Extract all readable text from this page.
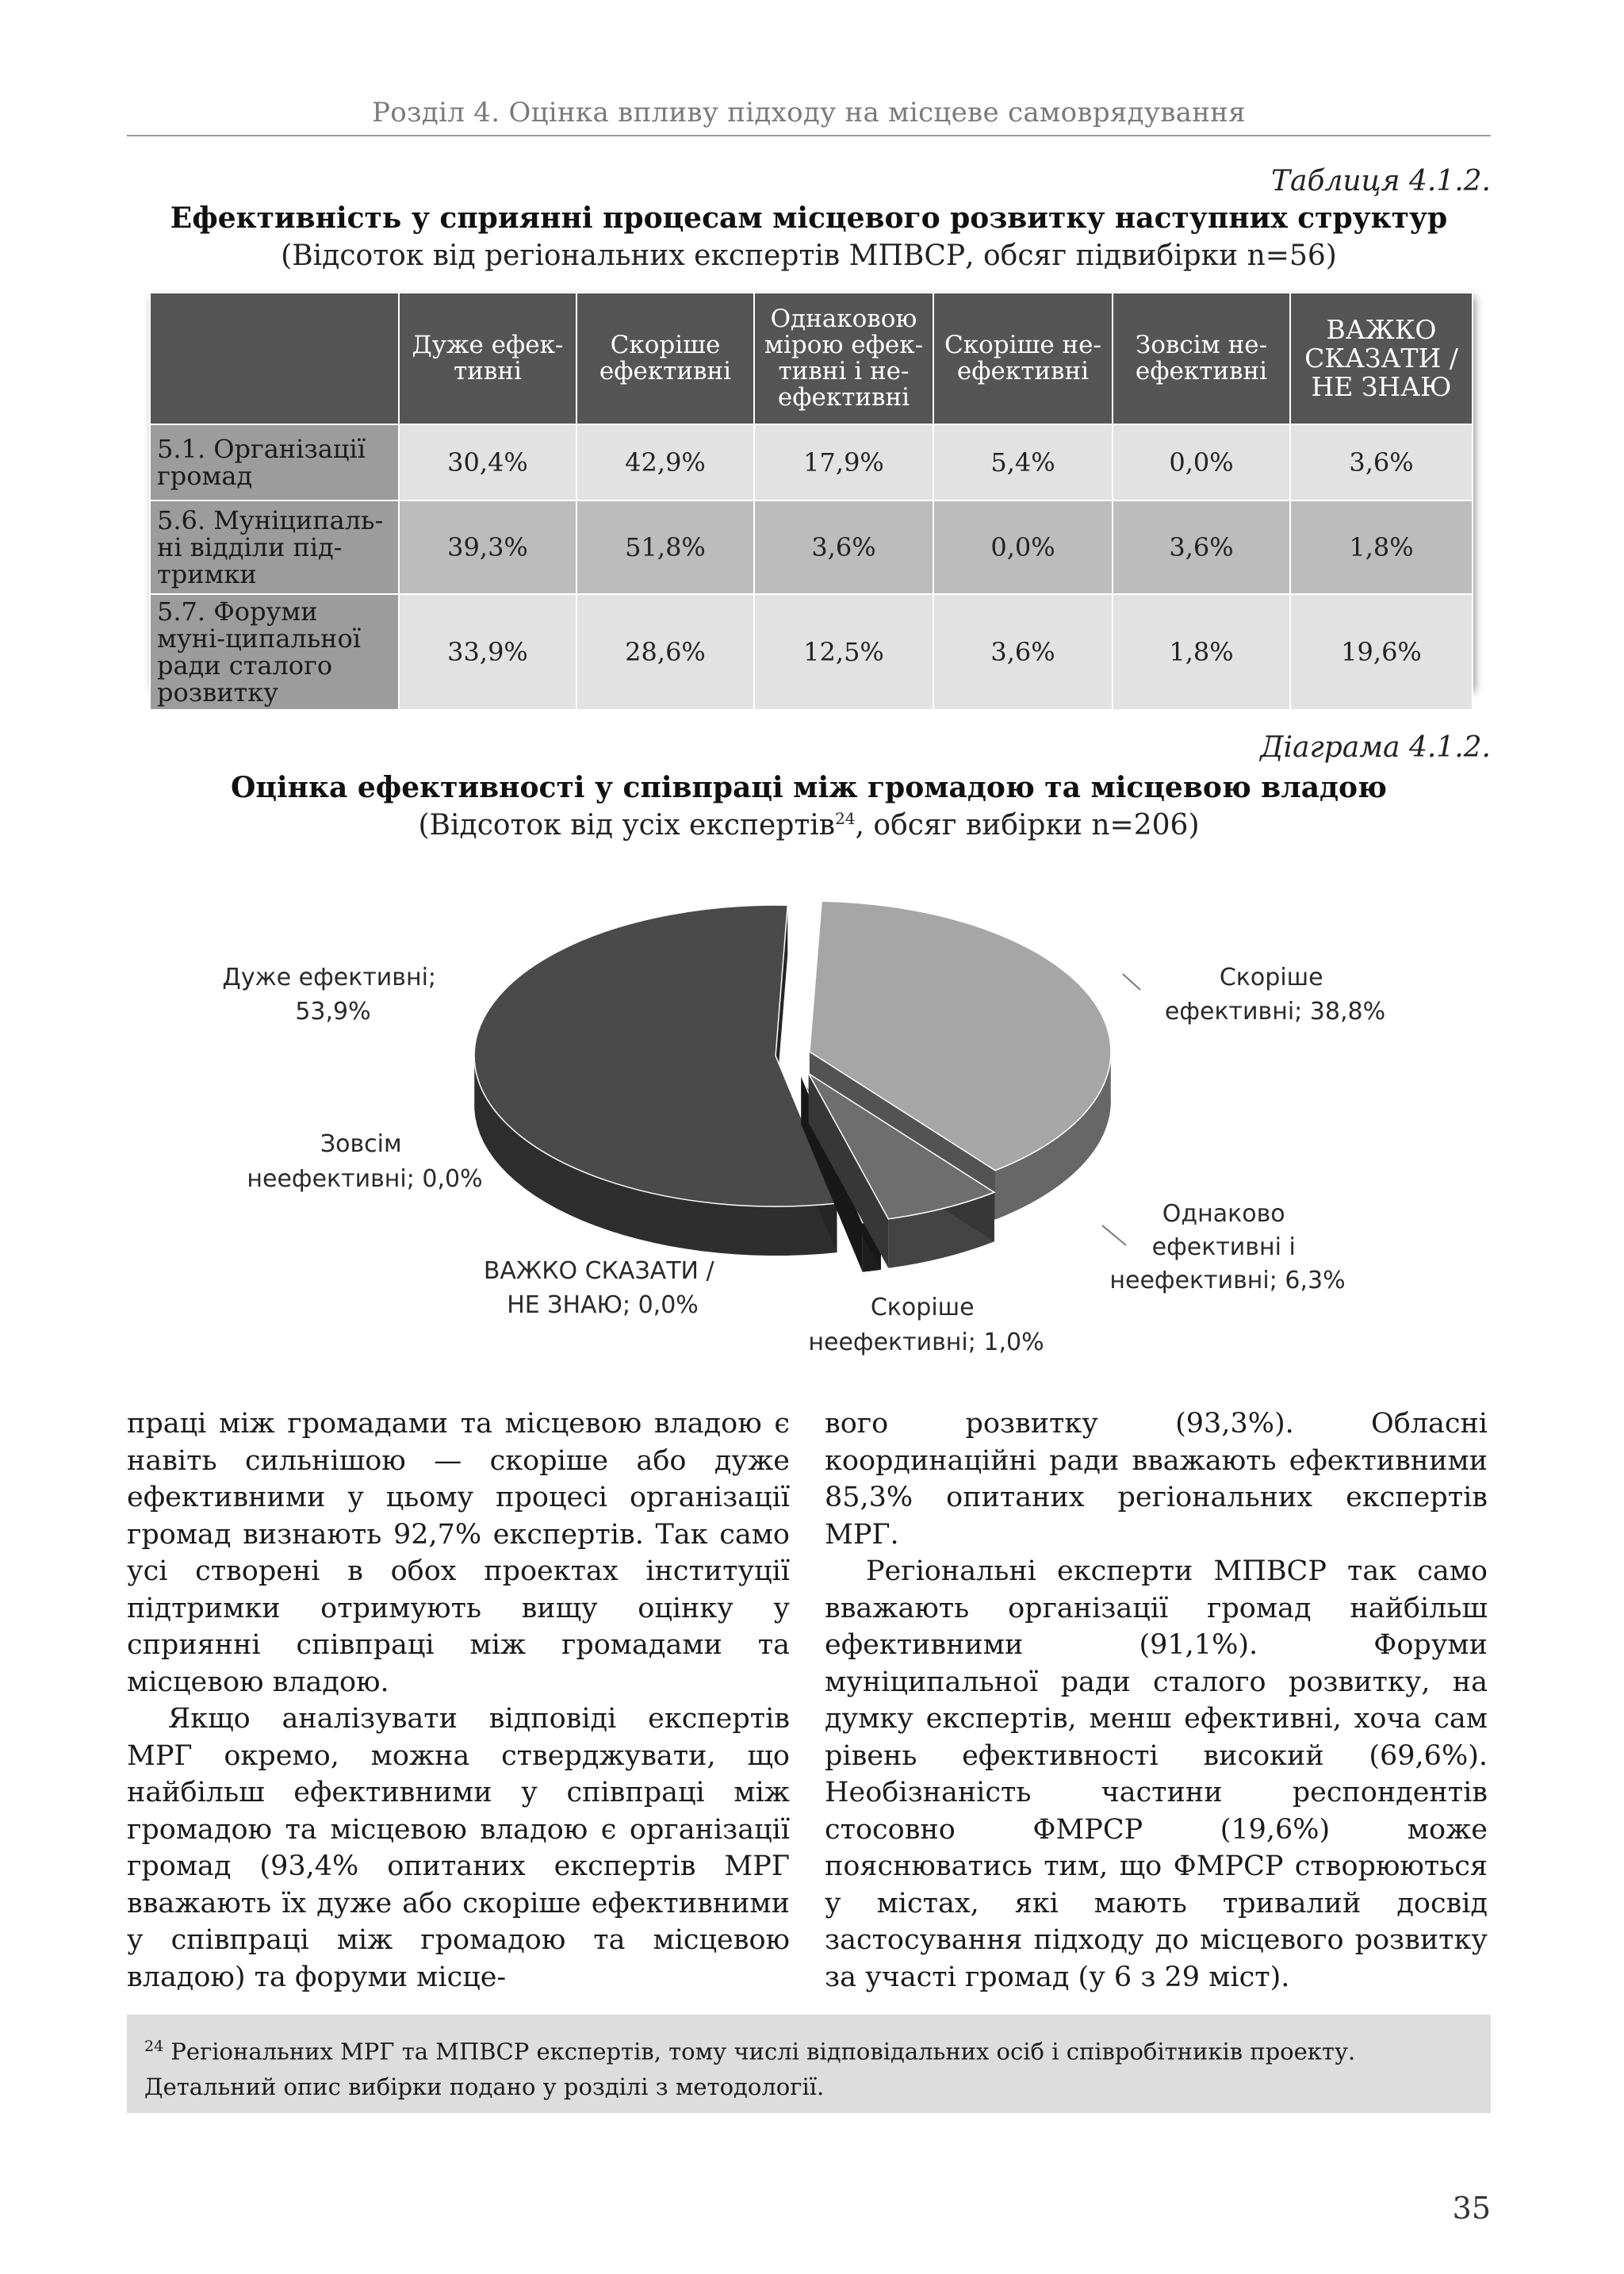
Розділ 4. Оцінка впливу підходу на місцеве самоврядування
Таблиця 4.1.2.
Ефективність у сприянні процесам місцевого розвитку наступних структур
(Відсоток від регіональних експертів МПВСР, обсяг підвибірки n=56)
	Дуже ефек-тивні	Скоріше ефективні	Однаковою мірою ефек-тивні і не-ефективні	Скоріше не-ефективні	Зовсім не-ефективні	ВАЖКО СКАЗАТИ / НЕ ЗНАЮ
5.1. Організації громад	30,4%	42,9%	17,9%	5,4%	0,0%	3,6%
5.6. Муніципаль-ні відділи під-тримки	39,3%	51,8%	3,6%	0,0%	3,6%	1,8%
5.7. Форуми муні-ципальної ради сталого розвитку	33,9%	28,6%	12,5%	3,6%	1,8%	19,6%
Діаграма 4.1.2.
Оцінка ефективності у співпраці між громадою та місцевою владою
(Відсоток від усіх експертів$^{24}$, обсяг вибірки n=206)
Дуже ефективні; 53,9%
Скоріше ефективні; 38,8%
Зовсім неефективні; 0,0%
Однаково ефективні і неефективні; 6,3%
ВАЖКО СКАЗАТИ / НЕ ЗНАЮ; 0,0%	Скоріше неефективні; 1,0%

праці між громадами та місцевою владою є навіть сильнішою — скоріше або дуже ефективними у цьому процесі організації громад визнають 92,7% експертів. Так само усі створені в обох проектах інституції підтримки отримують вищу оцінку у сприянні співпраці між громадами та місцевою владою.

Якщо аналізувати відповіді експертів МРГ окремо, можна стверджувати, що найбільш ефективними у співпраці між громадою та місцевою владою є організації громад (93,4% опитаних експертів МРГ вважають їх дуже або скоріше ефективними у співпраці між громадою та місцевою владою) та форуми місце-

вого розвитку (93,3%). Обласні координаційні ради вважають ефективними 85,3% опитаних регіональних експертів МРГ.

Регіональні експерти МПВСР так само вважають організації громад найбільш ефективними (91,1%). Форуми муніципальної ради сталого розвитку, на думку експертів, менш ефективні, хоча сам рівень ефективності високий (69,6%). Необізнаність частини респондентів стосовно ФМРСР (19,6%) може пояснюватись тим, що ФМРСР створюються у містах, які мають тривалий досвід застосування підходу до місцевого розвитку за участі громад (у 6 з 29 міст).

$^{24}$ Регіональних МРГ та МПВСР експертів, тому числі відповідальних осіб і співробітників проекту. Детальний опис вибірки подано у розділі з методології.
35
